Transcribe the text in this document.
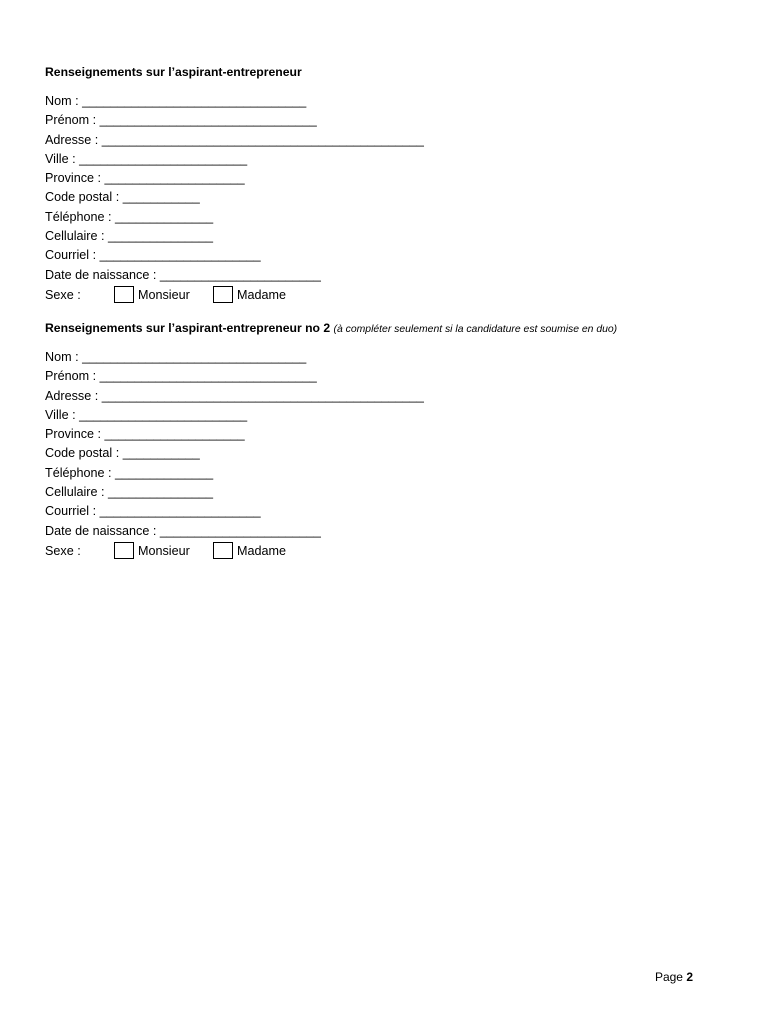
Renseignements sur l’aspirant-entrepreneur
Nom : ________________________________
Prénom : _______________________________
Adresse : ______________________________________________
Ville : ________________________
Province : ____________________
Code postal : ___________
Téléphone : ______________
Cellulaire : _______________
Courriel : _______________________
Date de naissance : _______________________
Sexe :	Monsieur	Madame
Renseignements sur l’aspirant-entrepreneur no 2 (à compléter seulement si la candidature est soumise en duo)
Nom : ________________________________
Prénom : _______________________________
Adresse : ______________________________________________
Ville : ________________________
Province : ____________________
Code postal : ___________
Téléphone : ______________
Cellulaire : _______________
Courriel : _______________________
Date de naissance : _______________________
Sexe :	Monsieur	Madame
Page 2
